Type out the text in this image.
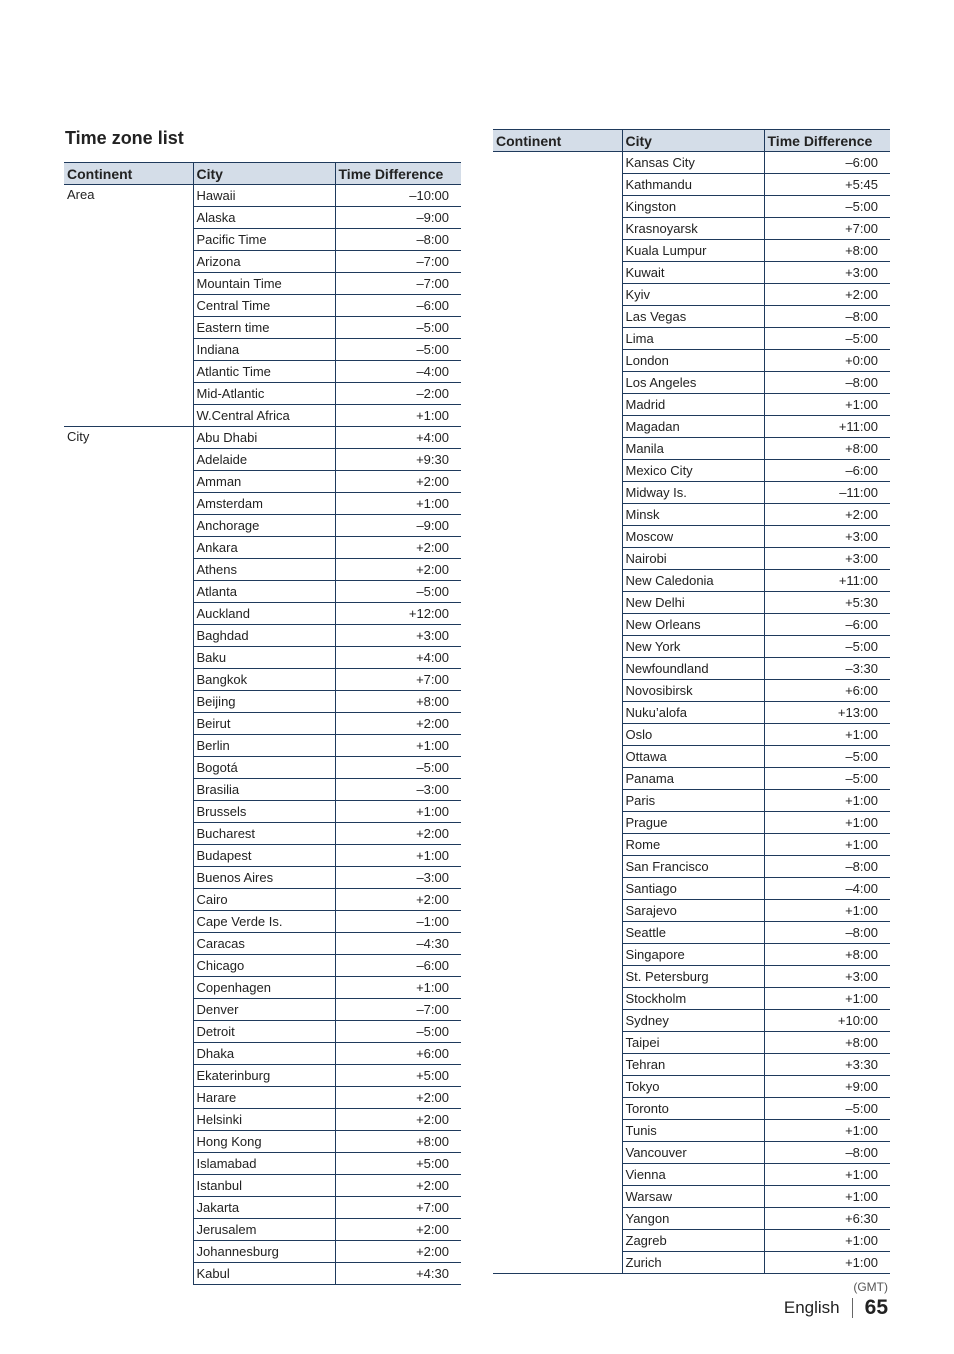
Time zone list
Continent	City	Time Difference
Area	Hawaii	–10:00
	Alaska	–9:00
	Pacific Time	–8:00
	Arizona	–7:00
	Mountain Time	–7:00
	Central Time	–6:00
	Eastern time	–5:00
	Indiana	–5:00
	Atlantic Time	–4:00
	Mid-Atlantic	–2:00
	W.Central Africa	+1:00
City	Abu Dhabi	+4:00
	Adelaide	+9:30
	Amman	+2:00
	Amsterdam	+1:00
	Anchorage	–9:00
	Ankara	+2:00
	Athens	+2:00
	Atlanta	–5:00
	Auckland	+12:00
	Baghdad	+3:00
	Baku	+4:00
	Bangkok	+7:00
	Beijing	+8:00
	Beirut	+2:00
	Berlin	+1:00
	Bogotá	–5:00
	Brasilia	–3:00
	Brussels	+1:00
	Bucharest	+2:00
	Budapest	+1:00
	Buenos Aires	–3:00
	Cairo	+2:00
	Cape Verde Is.	–1:00
	Caracas	–4:30
	Chicago	–6:00
	Copenhagen	+1:00
	Denver	–7:00
	Detroit	–5:00
	Dhaka	+6:00
	Ekaterinburg	+5:00
	Harare	+2:00
	Helsinki	+2:00
	Hong Kong	+8:00
	Islamabad	+5:00
	Istanbul	+2:00
	Jakarta	+7:00
	Jerusalem	+2:00
	Johannesburg	+2:00
	Kabul	+4:30
Continent	City	Time Difference
	Kansas City	–6:00
	Kathmandu	+5:45
	Kingston	–5:00
	Krasnoyarsk	+7:00
	Kuala Lumpur	+8:00
	Kuwait	+3:00
	Kyiv	+2:00
	Las Vegas	–8:00
	Lima	–5:00
	London	+0:00
	Los Angeles	–8:00
	Madrid	+1:00
	Magadan	+11:00
	Manila	+8:00
	Mexico City	–6:00
	Midway Is.	–11:00
	Minsk	+2:00
	Moscow	+3:00
	Nairobi	+3:00
	New Caledonia	+11:00
	New Delhi	+5:30
	New Orleans	–6:00
	New York	–5:00
	Newfoundland	–3:30
	Novosibirsk	+6:00
	Nuku’alofa	+13:00
	Oslo	+1:00
	Ottawa	–5:00
	Panama	–5:00
	Paris	+1:00
	Prague	+1:00
	Rome	+1:00
	San Francisco	–8:00
	Santiago	–4:00
	Sarajevo	+1:00
	Seattle	–8:00
	Singapore	+8:00
	St. Petersburg	+3:00
	Stockholm	+1:00
	Sydney	+10:00
	Taipei	+8:00
	Tehran	+3:30
	Tokyo	+9:00
	Toronto	–5:00
	Tunis	+1:00
	Vancouver	–8:00
	Vienna	+1:00
	Warsaw	+1:00
	Yangon	+6:30
	Zagreb	+1:00
	Zurich	+1:00
(GMT)
English 65
